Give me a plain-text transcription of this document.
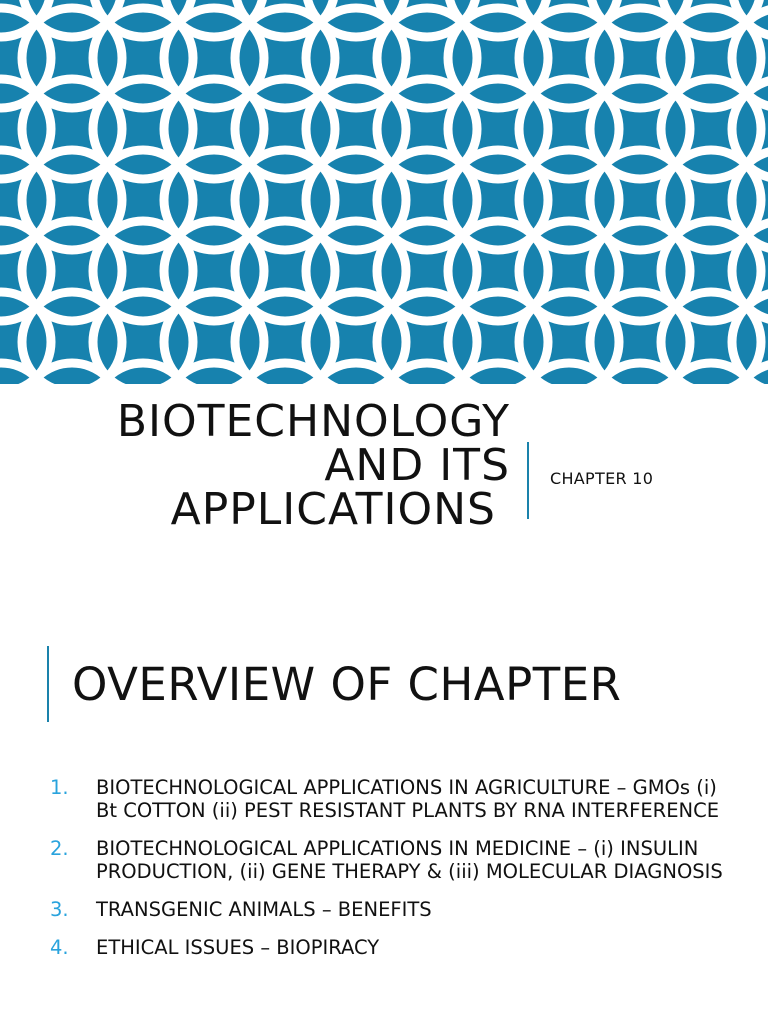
BIOTECHNOLOGY
AND ITS
APPLICATIONS
CHAPTER 10
OVERVIEW OF CHAPTER
1.	BIOTECHNOLOGICAL APPLICATIONS IN AGRICULTURE – GMOs (i) Bt COTTON (ii) PEST RESISTANT PLANTS BY RNA INTERFERENCE
2.	BIOTECHNOLOGICAL APPLICATIONS IN MEDICINE – (i) INSULIN PRODUCTION, (ii) GENE THERAPY & (iii) MOLECULAR DIAGNOSIS
3.	TRANSGENIC ANIMALS – BENEFITS
4.	ETHICAL ISSUES – BIOPIRACY
